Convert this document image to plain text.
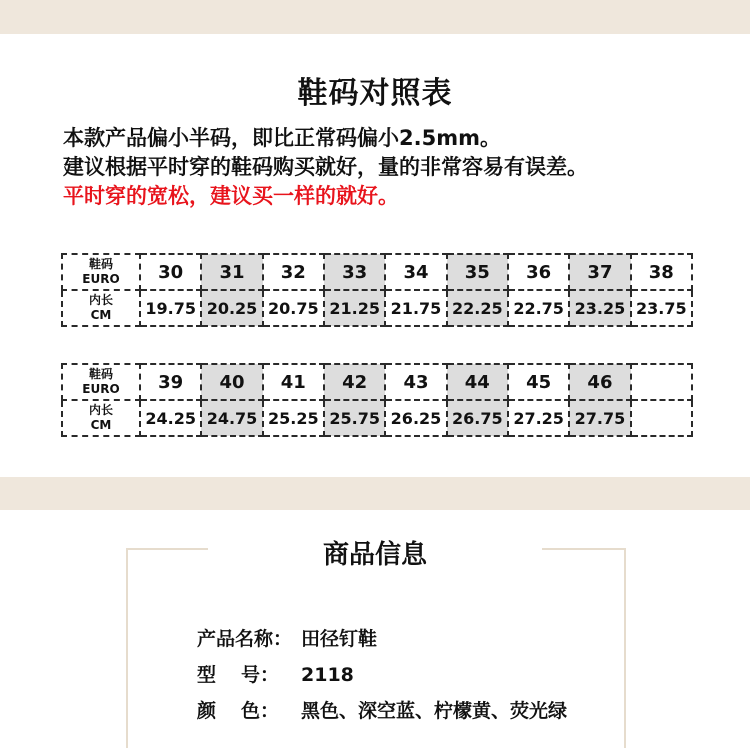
鞋码对照表
本款产品偏小半码，即比正常码偏小2.5mm。
建议根据平时穿的鞋码购买就好，量的非常容易有误差。
平时穿的宽松，建议买一样的就好。
鞋码
EURO	30	31	32	33	34	35	36	37	38

内长
CM	19.75	20.25	20.75	21.25	21.75	22.25	22.75	23.25	23.75
鞋码
EURO	39	40	41	42	43	44	45	46	

内长
CM	24.25	24.75	25.25	25.75	26.25	26.75	27.25	27.75	
商品信息
产品名称： 田径钉鞋
型 号： 2118
颜 色： 黑色、深空蓝、柠檬黄、荧光绿
